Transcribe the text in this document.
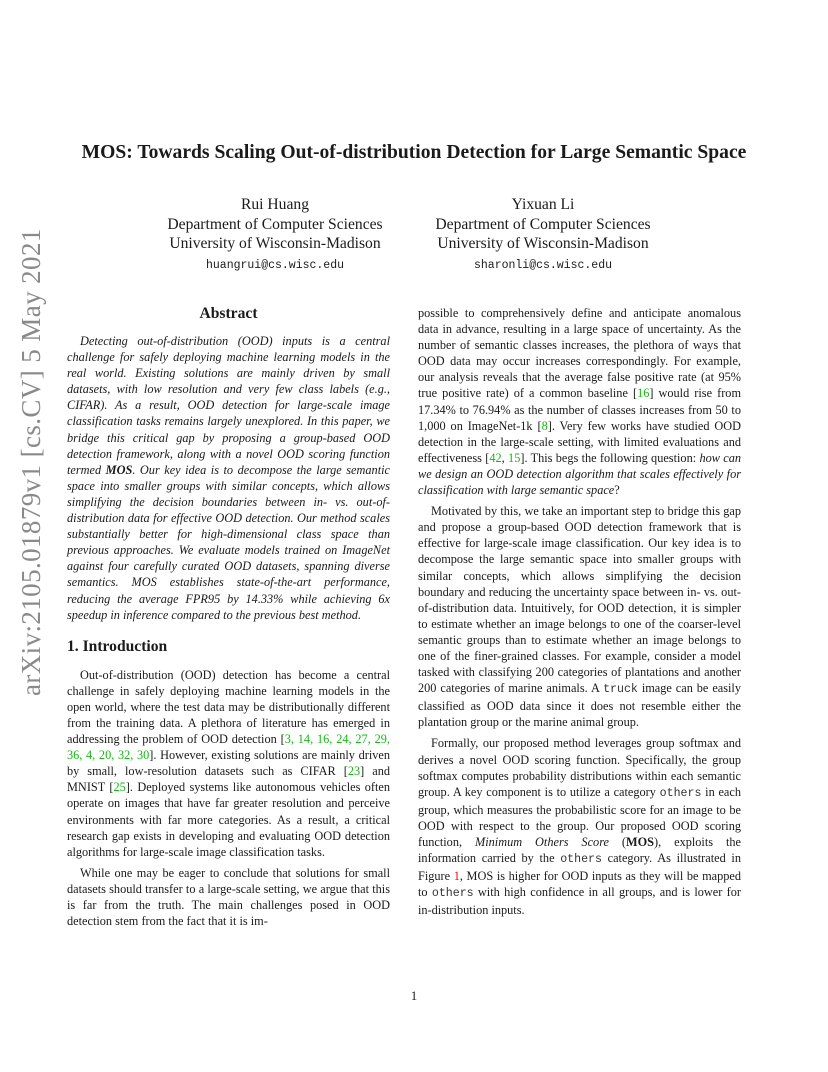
arXiv:2105.01879v1 [cs.CV] 5 May 2021
MOS: Towards Scaling Out-of-distribution Detection for Large Semantic Space
Rui Huang
Department of Computer Sciences
University of Wisconsin-Madison
huangrui@cs.wisc.edu
Yixuan Li
Department of Computer Sciences
University of Wisconsin-Madison
sharonli@cs.wisc.edu
Abstract

Detecting out-of-distribution (OOD) inputs is a central challenge for safely deploying machine learning models in the real world. Existing solutions are mainly driven by small datasets, with low resolution and very few class labels (e.g., CIFAR). As a result, OOD detection for large-scale image classification tasks remains largely unexplored. In this paper, we bridge this critical gap by proposing a group-based OOD detection framework, along with a novel OOD scoring function termed MOS. Our key idea is to decompose the large semantic space into smaller groups with similar concepts, which allows simplifying the decision boundaries between in- vs. out-of-distribution data for effective OOD detection. Our method scales substantially better for high-dimensional class space than previous approaches. We evaluate models trained on ImageNet against four carefully curated OOD datasets, spanning diverse semantics. MOS establishes state-of-the-art performance, reducing the average FPR95 by 14.33% while achieving 6x speedup in inference compared to the previous best method.

1. Introduction

Out-of-distribution (OOD) detection has become a central challenge in safely deploying machine learning models in the open world, where the test data may be distributionally different from the training data. A plethora of literature has emerged in addressing the problem of OOD detection [3, 14, 16, 24, 27, 29, 36, 4, 20, 32, 30]. However, existing solutions are mainly driven by small, low-resolution datasets such as CIFAR [23] and MNIST [25]. Deployed systems like autonomous vehicles often operate on images that have far greater resolution and perceive environments with far more categories. As a result, a critical research gap exists in developing and evaluating OOD detection algorithms for large-scale image classification tasks.

While one may be eager to conclude that solutions for small datasets should transfer to a large-scale setting, we argue that this is far from the truth. The main challenges posed in OOD detection stem from the fact that it is im-

possible to comprehensively define and anticipate anomalous data in advance, resulting in a large space of uncertainty. As the number of semantic classes increases, the plethora of ways that OOD data may occur increases correspondingly. For example, our analysis reveals that the average false positive rate (at 95% true positive rate) of a common baseline [16] would rise from 17.34% to 76.94% as the number of classes increases from 50 to 1,000 on ImageNet-1k [8]. Very few works have studied OOD detection in the large-scale setting, with limited evaluations and effectiveness [42, 15]. This begs the following question: how can we design an OOD detection algorithm that scales effectively for classification with large semantic space?

Motivated by this, we take an important step to bridge this gap and propose a group-based OOD detection framework that is effective for large-scale image classification. Our key idea is to decompose the large semantic space into smaller groups with similar concepts, which allows simplifying the decision boundary and reducing the uncertainty space between in- vs. out-of-distribution data. Intuitively, for OOD detection, it is simpler to estimate whether an image belongs to one of the coarser-level semantic groups than to estimate whether an image belongs to one of the finer-grained classes. For example, consider a model tasked with classifying 200 categories of plantations and another 200 categories of marine animals. A truck image can be easily classified as OOD data since it does not resemble either the plantation group or the marine animal group.

Formally, our proposed method leverages group softmax and derives a novel OOD scoring function. Specifically, the group softmax computes probability distributions within each semantic group. A key component is to utilize a category others in each group, which measures the probabilistic score for an image to be OOD with respect to the group. Our proposed OOD scoring function, Minimum Others Score (MOS), exploits the information carried by the others category. As illustrated in Figure 1, MOS is higher for OOD inputs as they will be mapped to others with high confidence in all groups, and is lower for in-distribution inputs.

1
